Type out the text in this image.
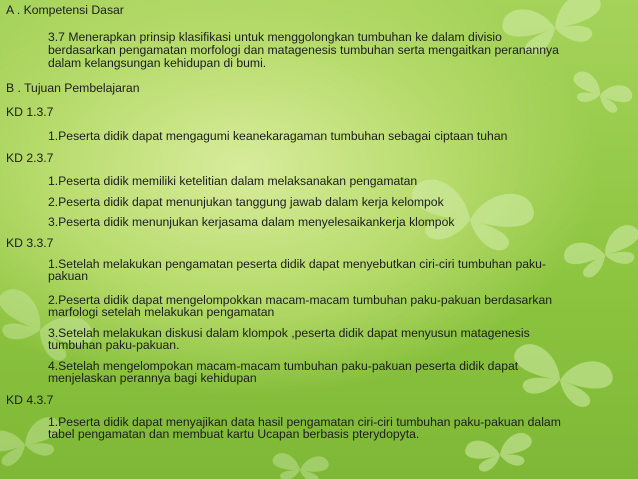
A . Kompetensi Dasar
3.7 Menerapkan prinsip klasifikasi untuk menggolongkan tumbuhan ke dalam divisio
berdasarkan pengamatan morfologi dan matagenesis tumbuhan serta mengaitkan peranannya
dalam kelangsungan kehidupan di bumi.
B . Tujuan Pembelajaran
KD 1.3.7
1.Peserta didik dapat mengagumi keanekaragaman tumbuhan sebagai ciptaan tuhan
KD 2.3.7
1.Peserta didik memiliki ketelitian dalam melaksanakan pengamatan
2.Peserta didik dapat menunjukan tanggung jawab dalam kerja kelompok
3.Peserta didik menunjukan kerjasama dalam menyelesaikankerja klompok
KD 3.3.7
1.Setelah melakukan pengamatan peserta didik dapat menyebutkan ciri-ciri tumbuhan paku-
pakuan
2.Peserta didik dapat mengelompokkan macam-macam tumbuhan paku-pakuan berdasarkan
marfologi setelah melakukan pengamatan
3.Setelah melakukan diskusi dalam klompok ,peserta didik dapat menyusun matagenesis
tumbuhan paku-pakuan.
4.Setelah mengelompokan macam-macam tumbuhan paku-pakuan peserta didik dapat
menjelaskan perannya bagi kehidupan
KD 4.3.7
1.Peserta didik dapat menyajikan data hasil pengamatan ciri-ciri tumbuhan paku-pakuan dalam
tabel pengamatan dan membuat kartu Ucapan berbasis pterydopyta.
